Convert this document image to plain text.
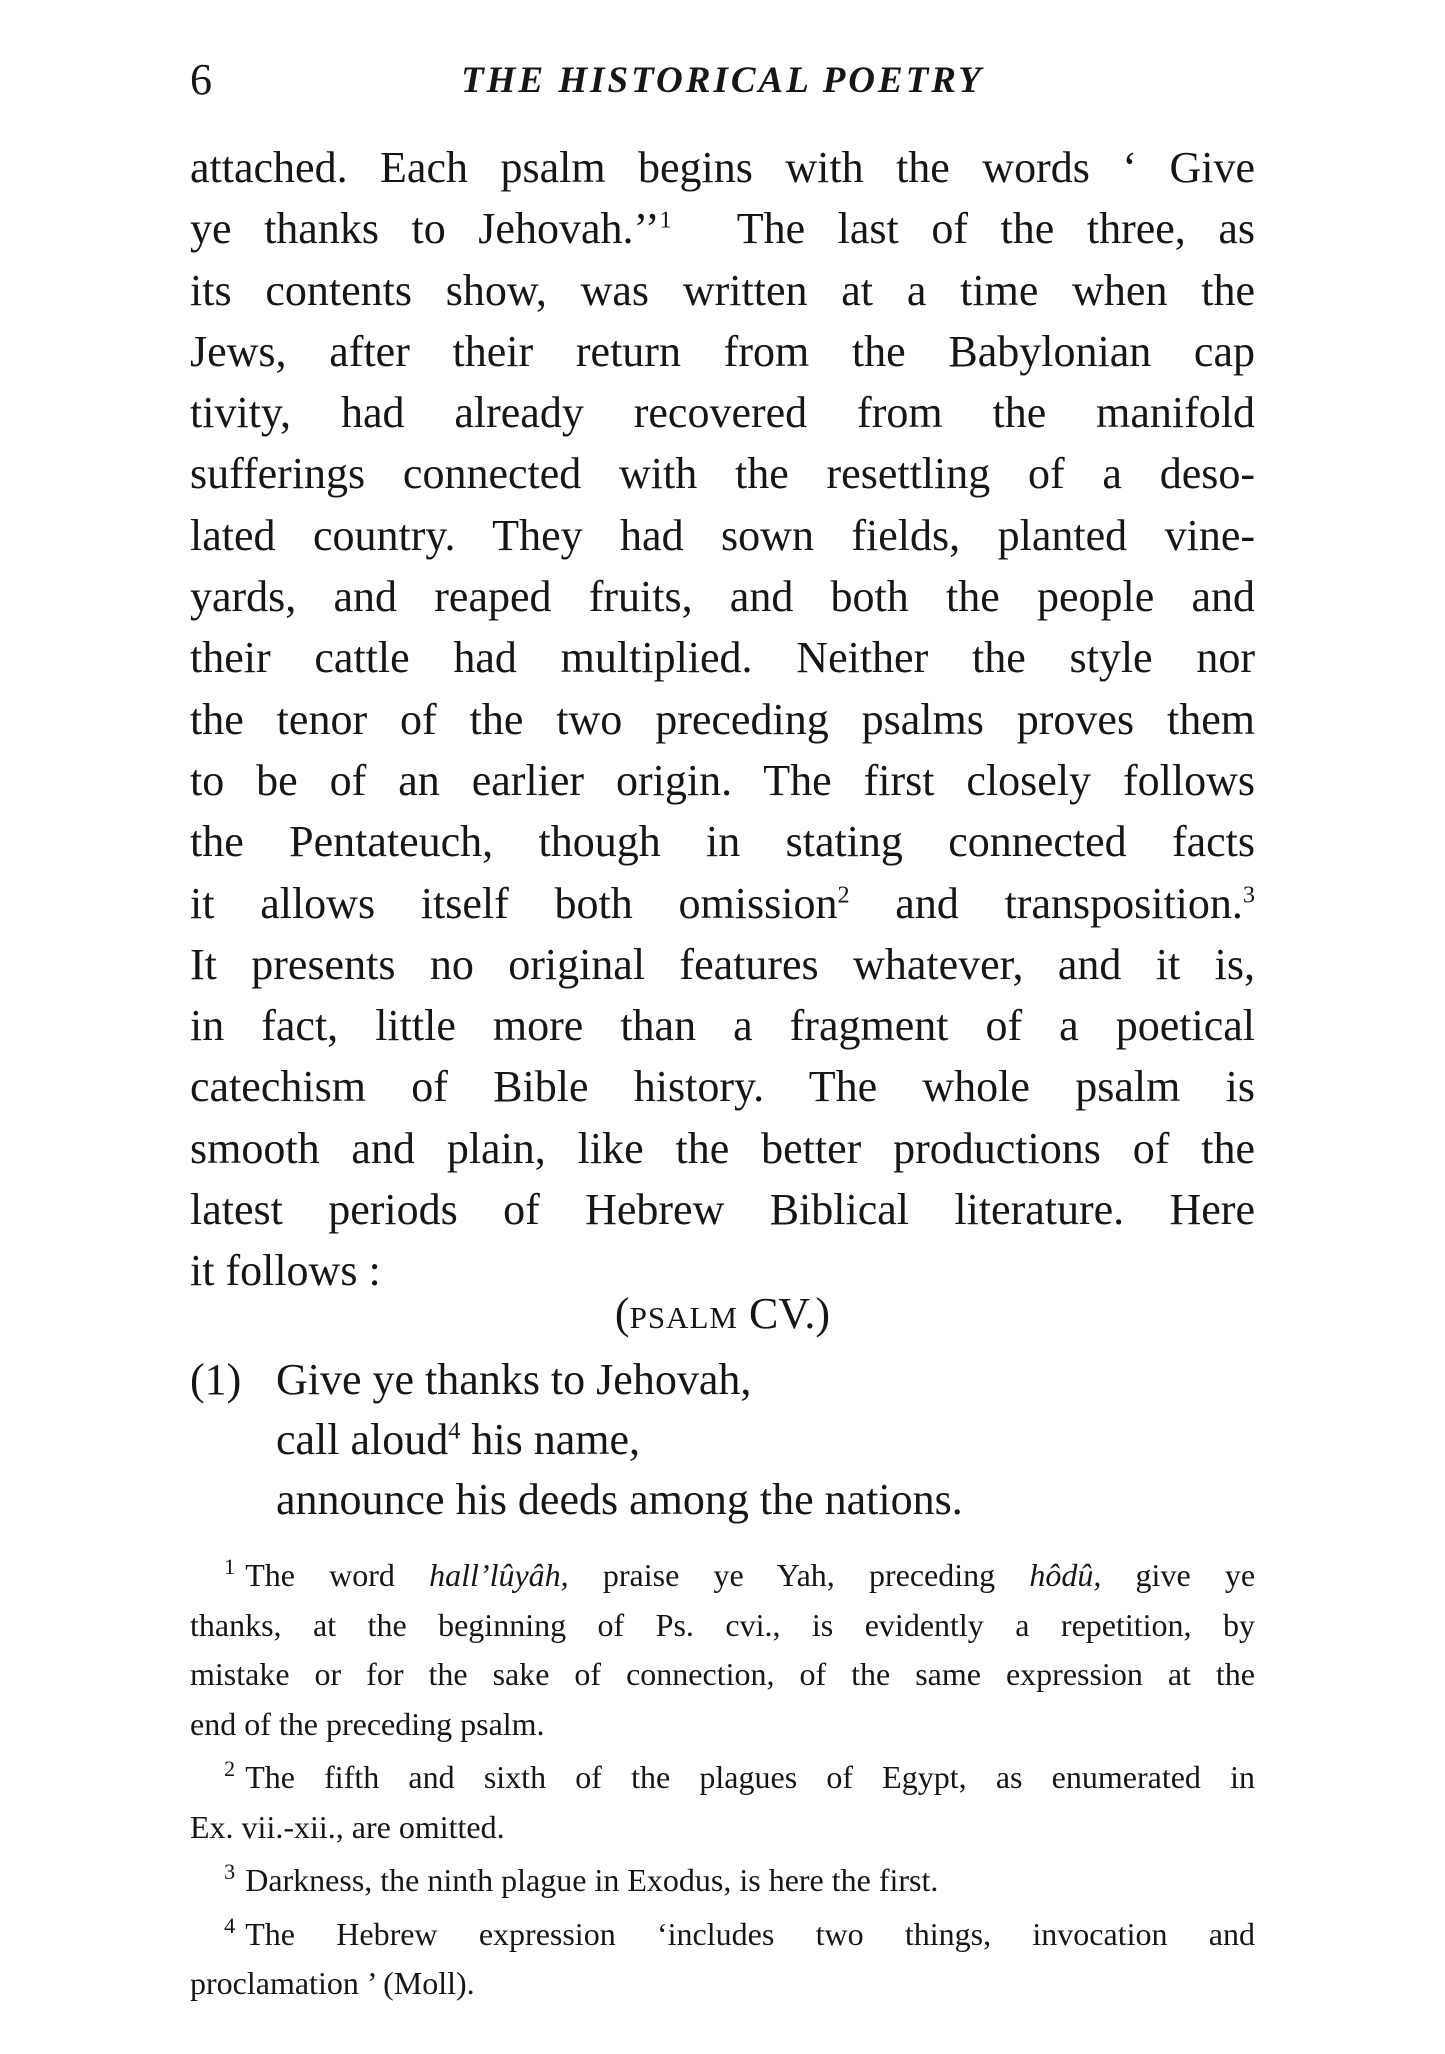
6	THE HISTORICAL POETRY
attached. Each psalm begins with the words ‘ Give
ye thanks to Jehovah.’’$^1$ The last of the three, as
its contents show, was written at a time when the
Jews, after their return from the Babylonian cap
tivity, had already recovered from the manifold
sufferings connected with the resettling of a deso-
lated country. They had sown fields, planted vine-
yards, and reaped fruits, and both the people and
their cattle had multiplied. Neither the style nor
the tenor of the two preceding psalms proves them
to be of an earlier origin. The first closely follows
the Pentateuch, though in stating connected facts
it allows itself both omission$^2$ and transposition.$^3$
It presents no original features whatever, and it is,
in fact, little more than a fragment of a poetical
catechism of Bible history. The whole psalm is
smooth and plain, like the better productions of the
latest periods of Hebrew Biblical literature. Here
it follows :
(PSALM CV.)
(1) Give ye thanks to Jehovah,
call aloud$^4$ his name,
announce his deeds among the nations.
$^1$ The word hall’lûyâh, praise ye Yah, preceding hôdû, give ye
thanks, at the beginning of Ps. cvi., is evidently a repetition, by
mistake or for the sake of connection, of the same expression at the
end of the preceding psalm.
$^2$ The fifth and sixth of the plagues of Egypt, as enumerated in
Ex. vii.-xii., are omitted.
$^3$ Darkness, the ninth plague in Exodus, is here the first.
$^4$ The Hebrew expression ‘includes two things, invocation and
proclamation ’ (Moll).
